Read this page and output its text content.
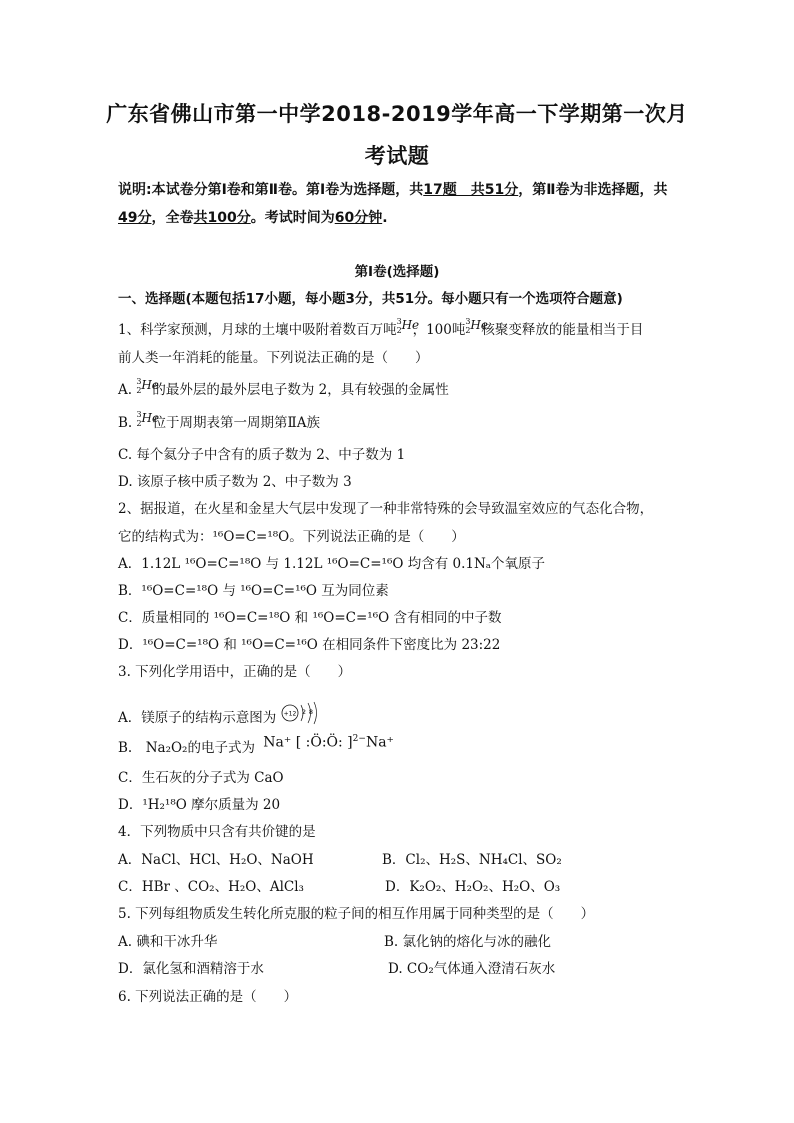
广东省佛山市第一中学2018-2019学年高一下学期第一次月
考试题
说明:本试卷分第Ⅰ卷和第Ⅱ卷。第Ⅰ卷为选择题，共17题　共51分，第Ⅱ卷为非选择题，共49分，全卷共100分。考试时间为60分钟.
第Ⅰ卷(选择题)
一、选择题(本题包括17小题，每小题3分，共51分。每小题只有一个选项符合题意)
1、科学家预测，月球的土壤中吸附着数百万吨
3
2 He
，100吨
3
2 He
核聚变释放的能量相当于目
前人类一年消耗的能量。下列说法正确的是（　　）
A.
3
2 He
的最外层的最外层电子数为 2，具有较强的金属性
B.
3
2 He
位于周期表第一周期第ⅡA族
C. 每个氦分子中含有的质子数为 2、中子数为 1
D. 该原子核中质子数为 2、中子数为 3
2、据报道，在火星和金星大气层中发现了一种非常特殊的会导致温室效应的气态化合物，
它的结构式为：¹⁶O=C=¹⁸O。下列说法正确的是（　　）
A．1.12L ¹⁶O=C=¹⁸O 与 1.12L ¹⁶O=C=¹⁶O 均含有 0.1Nₐ个氧原子
B．¹⁶O=C=¹⁸O 与 ¹⁶O=C=¹⁶O 互为同位素
C．质量相同的 ¹⁶O=C=¹⁸O 和 ¹⁶O=C=¹⁶O 含有相同的中子数
D．¹⁶O=C=¹⁸O 和 ¹⁶O=C=¹⁶O 在相同条件下密度比为 23:22
3. 下列化学用语中，正确的是（　　）
A．镁原子的结构示意图为 +12 2 8
B.　Na₂O₂的电子式为 Na⁺ [ :Ö:Ö: ]$^{2-}$Na⁺
C．生石灰的分子式为 CaO
D．¹H₂¹⁸O 摩尔质量为 20
4．下列物质中只含有共价键的是
A．NaCl、HCl、H₂O、NaOH	B．Cl₂、H₂S、NH₄Cl、SO₂
C．HBr 、CO₂、H₂O、AlCl₃	D．K₂O₂、H₂O₂、H₂O、O₃
5. 下列每组物质发生转化所克服的粒子间的相互作用属于同种类型的是（　　）
A. 碘和干冰升华	B. 氯化钠的熔化与冰的融化
D．氯化氢和酒精溶于水	D. CO₂气体通入澄清石灰水
6. 下列说法正确的是（　　）
